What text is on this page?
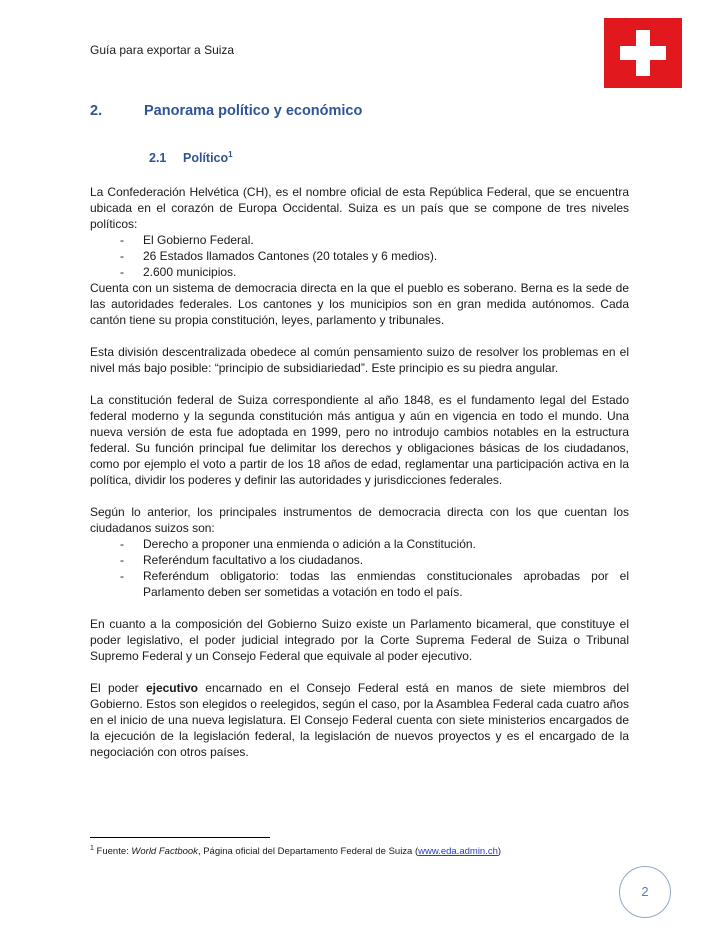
Guía para exportar a Suiza
2.	Panorama político y económico
2.1 Político$^1$

La Confederación Helvética (CH), es el nombre oficial de esta República Federal, que se encuentra ubicada en el corazón de Europa Occidental. Suiza es un país que se compone de tres niveles políticos:

- El Gobierno Federal.
- 26 Estados llamados Cantones (20 totales y 6 medios).
- 2.600 municipios.

Cuenta con un sistema de democracia directa en la que el pueblo es soberano. Berna es la sede de las autoridades federales. Los cantones y los municipios son en gran medida autónomos. Cada cantón tiene su propia constitución, leyes, parlamento y tribunales.

Esta división descentralizada obedece al común pensamiento suizo de resolver los problemas en el nivel más bajo posible: “principio de subsidiariedad”. Este principio es su piedra angular.

La constitución federal de Suiza correspondiente al año 1848, es el fundamento legal del Estado federal moderno y la segunda constitución más antigua y aún en vigencia en todo el mundo. Una nueva versión de esta fue adoptada en 1999, pero no introdujo cambios notables en la estructura federal. Su función principal fue delimitar los derechos y obligaciones básicas de los ciudadanos, como por ejemplo el voto a partir de los 18 años de edad, reglamentar una participación activa en la política, dividir los poderes y definir las autoridades y jurisdicciones federales.

Según lo anterior, los principales instrumentos de democracia directa con los que cuentan los ciudadanos suizos son:

- Derecho a proponer una enmienda o adición a la Constitución.
- Referéndum facultativo a los ciudadanos.
- Referéndum obligatorio: todas las enmiendas constitucionales aprobadas por el Parlamento deben ser sometidas a votación en todo el país.

En cuanto a la composición del Gobierno Suizo existe un Parlamento bicameral, que constituye el poder legislativo, el poder judicial integrado por la Corte Suprema Federal de Suiza o Tribunal Supremo Federal y un Consejo Federal que equivale al poder ejecutivo.

El poder ejecutivo encarnado en el Consejo Federal está en manos de siete miembros del Gobierno. Estos son elegidos o reelegidos, según el caso, por la Asamblea Federal cada cuatro años en el inicio de una nueva legislatura. El Consejo Federal cuenta con siete ministerios encargados de la ejecución de la legislación federal, la legislación de nuevos proyectos y es el encargado de la negociación con otros países.

$^1$ Fuente: World Factbook, Página oficial del Departamento Federal de Suiza (www.eda.admin.ch)
2
